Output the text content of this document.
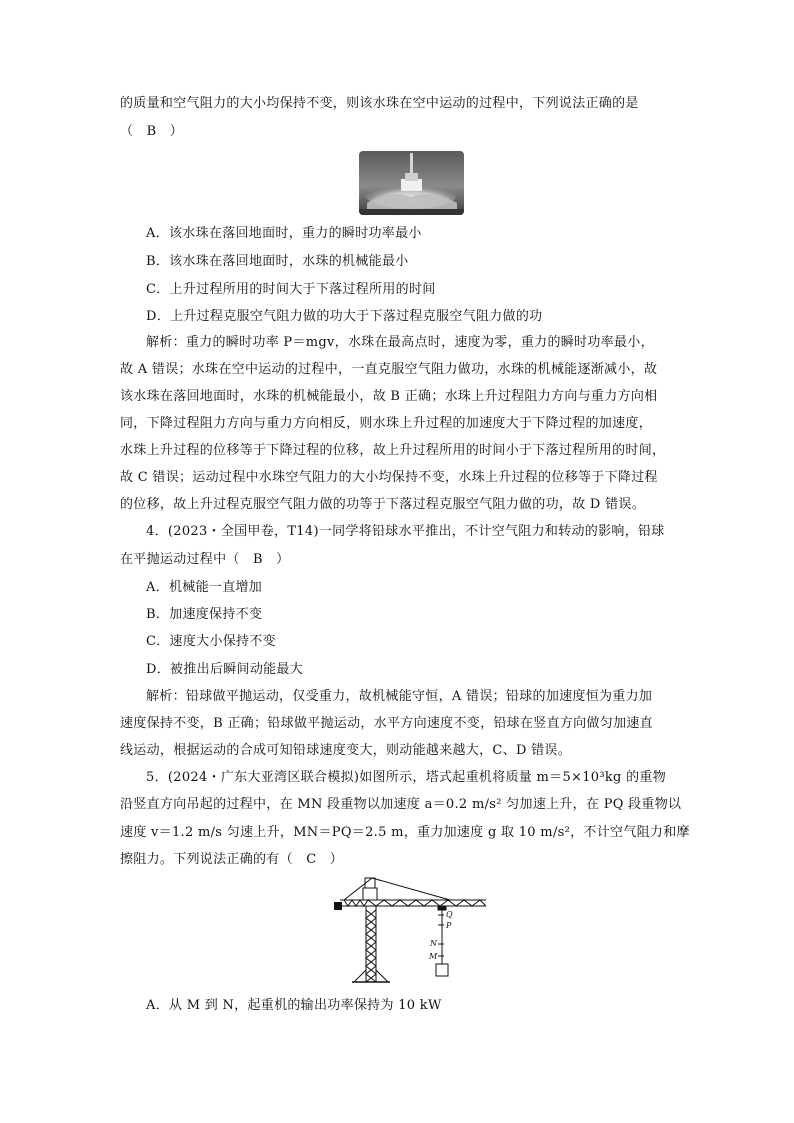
的质量和空气阻力的大小均保持不变，则该水珠在空中运动的过程中，下列说法正确的是
（　B　）
A．该水珠在落回地面时，重力的瞬时功率最小
B．该水珠在落回地面时，水珠的机械能最小
C．上升过程所用的时间大于下落过程所用的时间
D．上升过程克服空气阻力做的功大于下落过程克服空气阻力做的功
解析：重力的瞬时功率 P＝mgv，水珠在最高点时，速度为零，重力的瞬时功率最小，
故 A 错误；水珠在空中运动的过程中，一直克服空气阻力做功，水珠的机械能逐渐减小，故
该水珠在落回地面时，水珠的机械能最小，故 B 正确；水珠上升过程阻力方向与重力方向相
同，下降过程阻力方向与重力方向相反，则水珠上升过程的加速度大于下降过程的加速度，
水珠上升过程的位移等于下降过程的位移，故上升过程所用的时间小于下落过程所用的时间，
故 C 错误；运动过程中水珠空气阻力的大小均保持不变，水珠上升过程的位移等于下降过程
的位移，故上升过程克服空气阻力做的功等于下落过程克服空气阻力做的功，故 D 错误。
4．(2023・全国甲卷，T14)一同学将铅球水平推出，不计空气阻力和转动的影响，铅球
在平抛运动过程中（　B　）
A．机械能一直增加
B．加速度保持不变
C．速度大小保持不变
D．被推出后瞬间动能最大
解析：铅球做平抛运动，仅受重力，故机械能守恒，A 错误；铅球的加速度恒为重力加
速度保持不变，B 正确；铅球做平抛运动，水平方向速度不变，铅球在竖直方向做匀加速直
线运动，根据运动的合成可知铅球速度变大，则动能越来越大，C、D 错误。
5．(2024・广东大亚湾区联合模拟)如图所示，塔式起重机将质量 m＝5×10³kg 的重物
沿竖直方向吊起的过程中，在 MN 段重物以加速度 a＝0.2 m/s² 匀加速上升，在 PQ 段重物以
速度 v＝1.2 m/s 匀速上升，MN＝PQ＝2.5 m，重力加速度 g 取 10 m/s²，不计空气阻力和摩
擦阻力。下列说法正确的有（　C　）
Q
P
N
M
A．从 M 到 N，起重机的输出功率保持为 10 kW
